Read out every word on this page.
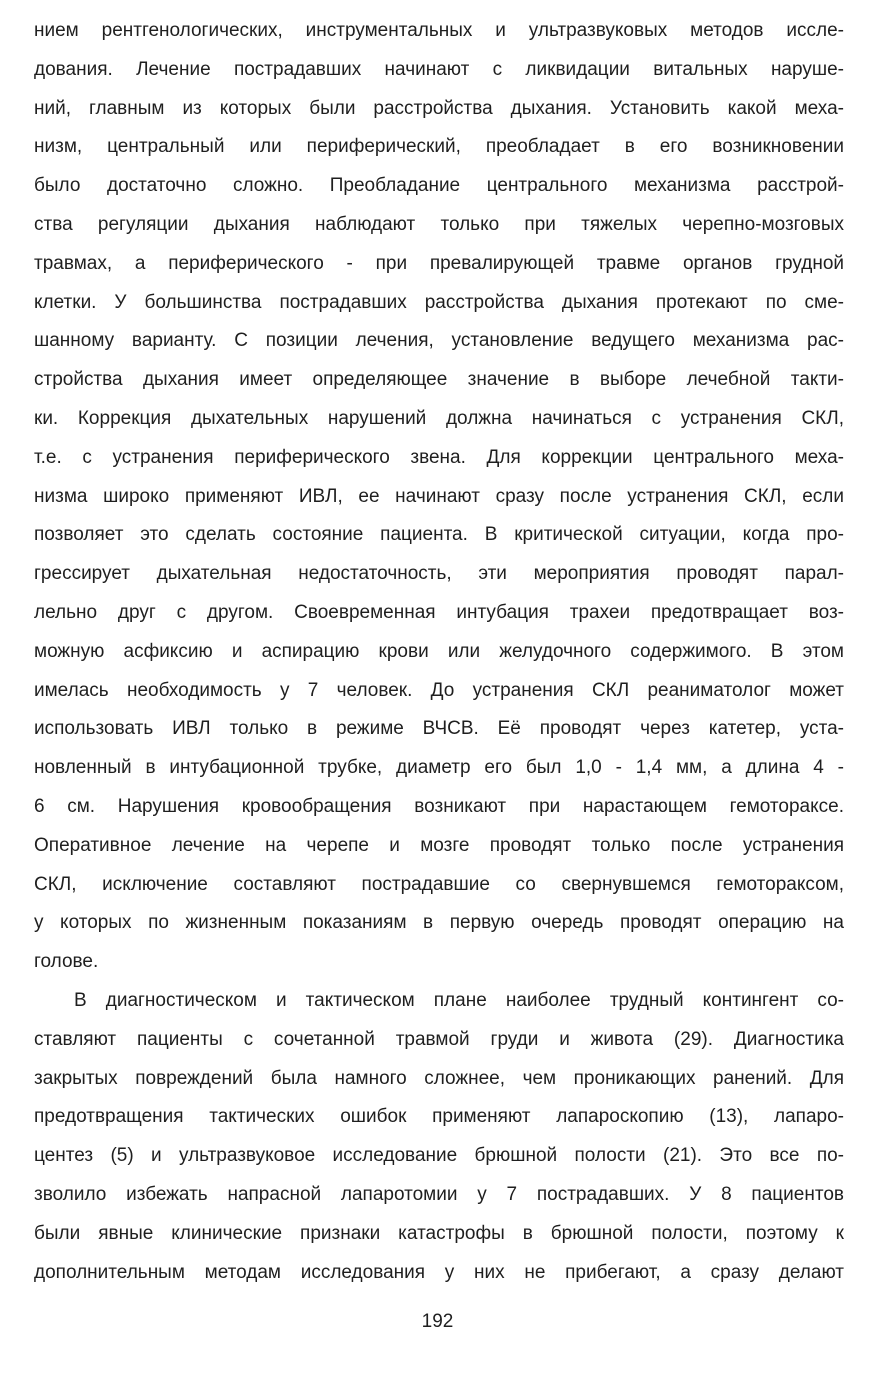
нием рентгенологических, инструментальных и ультразвуковых методов иссле-
дования. Лечение пострадавших начинают с ликвидации витальных наруше-
ний, главным из которых были расстройства дыхания. Установить какой меха-
низм, центральный или периферический, преобладает в его возникновении
было достаточно сложно. Преобладание центрального механизма расстрой-
ства регуляции дыхания наблюдают только при тяжелых черепно-мозговых
травмах, а периферического - при превалирующей травме органов грудной
клетки. У большинства пострадавших расстройства дыхания протекают по сме-
шанному варианту. С позиции лечения, установление ведущего механизма рас-
стройства дыхания имеет определяющее значение в выборе лечебной такти-
ки. Коррекция дыхательных нарушений должна начинаться с устранения СКЛ,
т.е. с устранения периферического звена. Для коррекции центрального меха-
низма широко применяют ИВЛ, ее начинают сразу после устранения СКЛ, если
позволяет это сделать состояние пациента. В критической ситуации, когда про-
грессирует дыхательная недостаточность, эти мероприятия проводят парал-
лельно друг с другом. Своевременная интубация трахеи предотвращает воз-
можную асфиксию и аспирацию крови или желудочного содержимого. В этом
имелась необходимость у 7 человек. До устранения СКЛ реаниматолог может
использовать ИВЛ только в режиме ВЧСВ. Её проводят через катетер, уста-
новленный в интубационной трубке, диаметр его был 1,0 - 1,4 мм, а длина 4 -
6 см. Нарушения кровообращения возникают при нарастающем гемотораксе.
Оперативное лечение на черепе и мозге проводят только после устранения
СКЛ, исключение составляют пострадавшие со свернувшемся гемотораксом,
у которых по жизненным показаниям в первую очередь проводят операцию на
голове.
В диагностическом и тактическом плане наиболее трудный контингент со-
ставляют пациенты с сочетанной травмой груди и живота (29). Диагностика
закрытых повреждений была намного сложнее, чем проникающих ранений. Для
предотвращения тактических ошибок применяют лапароскопию (13), лапаро-
центез (5) и ультразвуковое исследование брюшной полости (21). Это все по-
зволило избежать напрасной лапаротомии у 7 пострадавших. У 8 пациентов
были явные клинические признаки катастрофы в брюшной полости, поэтому к
дополнительным методам исследования у них не прибегают, а сразу делают
192
